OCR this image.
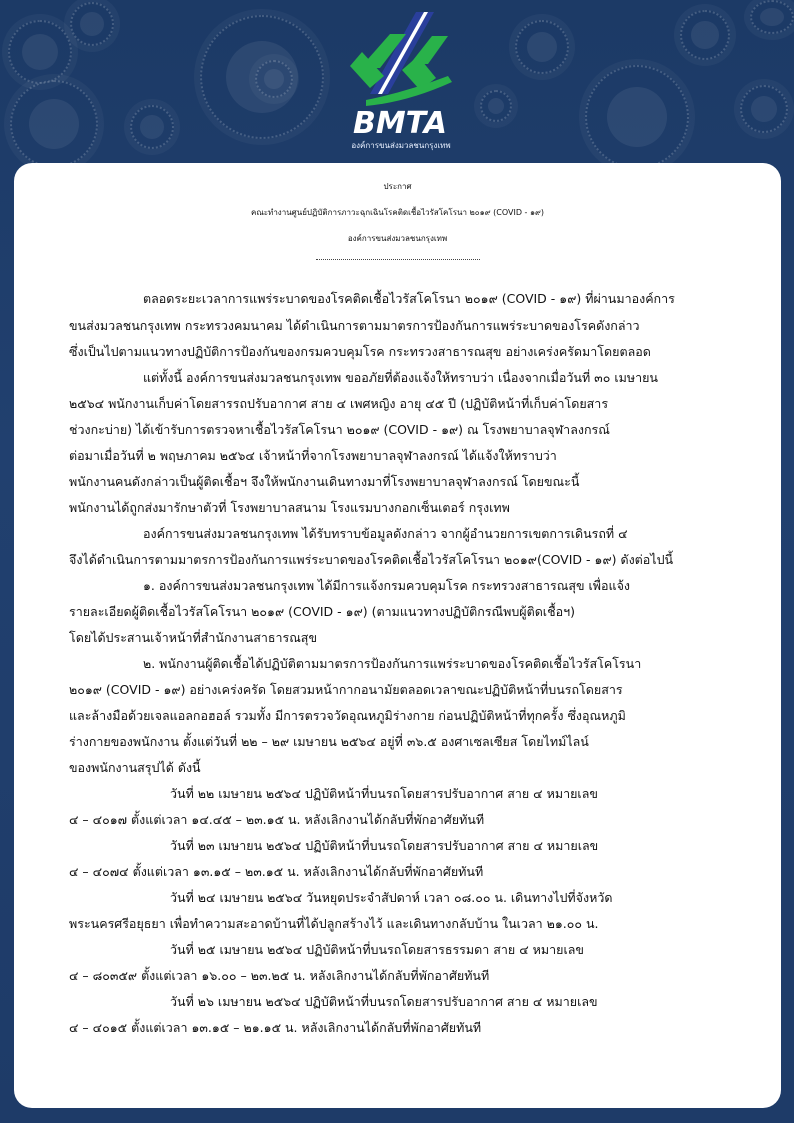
BMTA
องค์การขนส่งมวลชนกรุงเทพ
ประกาศ
คณะทำงานศูนย์ปฏิบัติการภาวะฉุกเฉินโรคติดเชื้อไวรัสโคโรนา ๒๐๑๙ (COVID - ๑๙)
องค์การขนส่งมวลชนกรุงเทพ
ตลอดระยะเวลาการแพร่ระบาดของโรคติดเชื้อไวรัสโคโรนา ๒๐๑๙ (COVID - ๑๙) ที่ผ่านมาองค์การ
ขนส่งมวลชนกรุงเทพ กระทรวงคมนาคม ได้ดำเนินการตามมาตรการป้องกันการแพร่ระบาดของโรคดังกล่าว
ซึ่งเป็นไปตามแนวทางปฏิบัติการป้องกันของกรมควบคุมโรค กระทรวงสาธารณสุข อย่างเคร่งครัดมาโดยตลอด
แต่ทั้งนี้ องค์การขนส่งมวลชนกรุงเทพ ขออภัยที่ต้องแจ้งให้ทราบว่า เนื่องจากเมื่อวันที่ ๓๐ เมษายน
๒๕๖๔ พนักงานเก็บค่าโดยสารรถปรับอากาศ สาย ๔ เพศหญิง อายุ ๔๕ ปี (ปฏิบัติหน้าที่เก็บค่าโดยสาร
ช่วงกะบ่าย) ได้เข้ารับการตรวจหาเชื้อไวรัสโคโรนา ๒๐๑๙ (COVID - ๑๙) ณ โรงพยาบาลจุฬาลงกรณ์
ต่อมาเมื่อวันที่ ๒ พฤษภาคม ๒๕๖๔ เจ้าหน้าที่จากโรงพยาบาลจุฬาลงกรณ์ ได้แจ้งให้ทราบว่า
พนักงานคนดังกล่าวเป็นผู้ติดเชื้อฯ จึงให้พนักงานเดินทางมาที่โรงพยาบาลจุฬาลงกรณ์ โดยขณะนี้
พนักงานได้ถูกส่งมารักษาตัวที่ โรงพยาบาลสนาม โรงแรมบางกอกเซ็นเตอร์ กรุงเทพ
องค์การขนส่งมวลชนกรุงเทพ ได้รับทราบข้อมูลดังกล่าว จากผู้อำนวยการเขตการเดินรถที่ ๔
จึงได้ดำเนินการตามมาตรการป้องกันการแพร่ระบาดของโรคติดเชื้อไวรัสโคโรนา ๒๐๑๙(COVID - ๑๙) ดังต่อไปนี้
๑. องค์การขนส่งมวลชนกรุงเทพ ได้มีการแจ้งกรมควบคุมโรค กระทรวงสาธารณสุข เพื่อแจ้ง
รายละเอียดผู้ติดเชื้อไวรัสโคโรนา ๒๐๑๙ (COVID - ๑๙) (ตามแนวทางปฏิบัติกรณีพบผู้ติดเชื้อฯ)
โดยได้ประสานเจ้าหน้าที่สำนักงานสาธารณสุข
๒. พนักงานผู้ติดเชื้อได้ปฏิบัติตามมาตรการป้องกันการแพร่ระบาดของโรคติดเชื้อไวรัสโคโรนา
๒๐๑๙ (COVID - ๑๙) อย่างเคร่งครัด โดยสวมหน้ากากอนามัยตลอดเวลาขณะปฏิบัติหน้าที่บนรถโดยสาร
และล้างมือด้วยเจลแอลกอฮอล์ รวมทั้ง มีการตรวจวัดอุณหภูมิร่างกาย ก่อนปฏิบัติหน้าที่ทุกครั้ง ซึ่งอุณหภูมิ
ร่างกายของพนักงาน ตั้งแต่วันที่ ๒๒ – ๒๙ เมษายน ๒๕๖๔ อยู่ที่ ๓๖.๕ องศาเซลเซียส โดยไทม์ไลน์
ของพนักงานสรุปได้ ดังนี้
วันที่ ๒๒ เมษายน ๒๕๖๔ ปฏิบัติหน้าที่บนรถโดยสารปรับอากาศ สาย ๔ หมายเลข
๔ – ๔๐๑๗ ตั้งแต่เวลา ๑๔.๔๕ – ๒๓.๑๕ น. หลังเลิกงานได้กลับที่พักอาศัยทันที
วันที่ ๒๓ เมษายน ๒๕๖๔ ปฏิบัติหน้าที่บนรถโดยสารปรับอากาศ สาย ๔ หมายเลข
๔ – ๔๐๗๔ ตั้งแต่เวลา ๑๓.๑๕ – ๒๓.๑๕ น. หลังเลิกงานได้กลับที่พักอาศัยทันที
วันที่ ๒๔ เมษายน ๒๕๖๔ วันหยุดประจำสัปดาห์ เวลา ๐๘.๐๐ น. เดินทางไปที่จังหวัด
พระนครศรีอยุธยา เพื่อทำความสะอาดบ้านที่ได้ปลูกสร้างไว้ และเดินทางกลับบ้าน ในเวลา ๒๑.๐๐ น.
วันที่ ๒๕ เมษายน ๒๕๖๔ ปฏิบัติหน้าที่บนรถโดยสารธรรมดา สาย ๔ หมายเลข
๔ – ๘๐๓๕๙ ตั้งแต่เวลา ๑๖.๐๐ – ๒๓.๒๕ น. หลังเลิกงานได้กลับที่พักอาศัยทันที
วันที่ ๒๖ เมษายน ๒๕๖๔ ปฏิบัติหน้าที่บนรถโดยสารปรับอากาศ สาย ๔ หมายเลข
๔ – ๔๐๑๕ ตั้งแต่เวลา ๑๓.๑๕ – ๒๑.๑๕ น. หลังเลิกงานได้กลับที่พักอาศัยทันที
